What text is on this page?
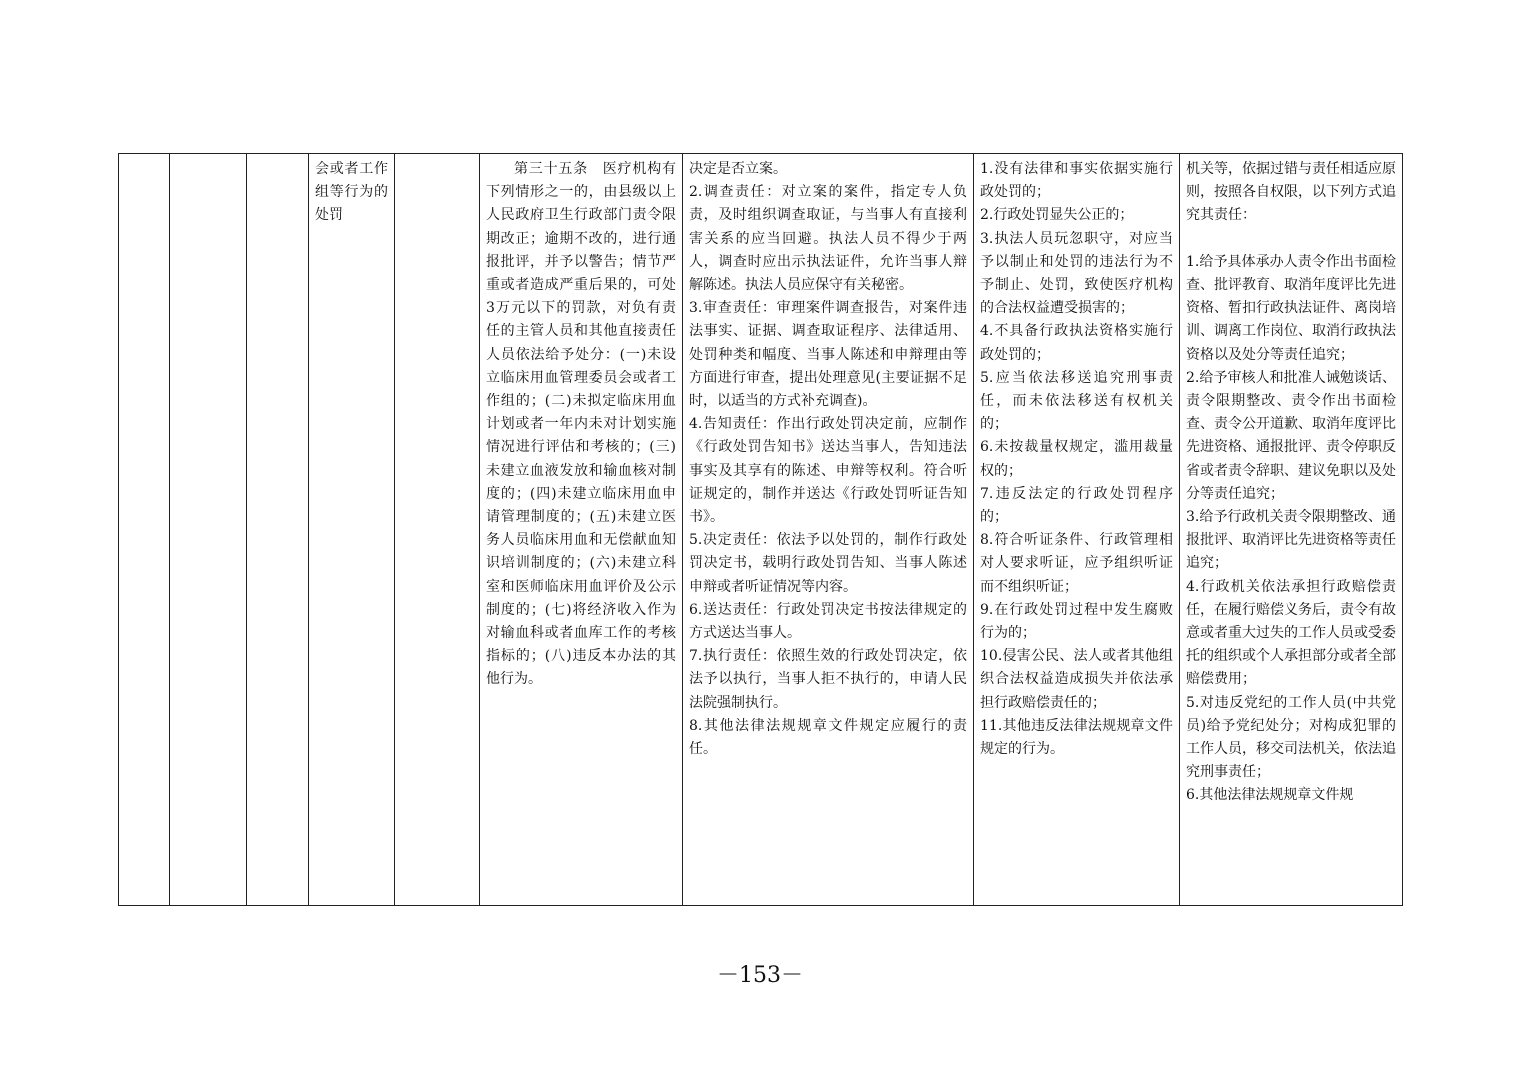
			会或者工作组等行为的处罚		第三十五条　医疗机构有下列情形之一的，由县级以上人民政府卫生行政部门责令限期改正；逾期不改的，进行通报批评，并予以警告；情节严重或者造成严重后果的，可处3万元以下的罚款，对负有责任的主管人员和其他直接责任人员依法给予处分：(一)未设立临床用血管理委员会或者工作组的；(二)未拟定临床用血计划或者一年内未对计划实施情况进行评估和考核的；(三)未建立血液发放和输血核对制度的；(四)未建立临床用血申请管理制度的；(五)未建立医务人员临床用血和无偿献血知识培训制度的；(六)未建立科室和医师临床用血评价及公示制度的；(七)将经济收入作为对输血科或者血库工作的考核指标的；(八)违反本办法的其他行为。	决定是否立案。
2.调查责任：对立案的案件，指定专人负责，及时组织调查取证，与当事人有直接利害关系的应当回避。执法人员不得少于两人，调查时应出示执法证件，允许当事人辩解陈述。执法人员应保守有关秘密。
3.审查责任：审理案件调查报告，对案件违法事实、证据、调查取证程序、法律适用、处罚种类和幅度、当事人陈述和申辩理由等方面进行审查，提出处理意见(主要证据不足时，以适当的方式补充调查)。
4.告知责任：作出行政处罚决定前，应制作《行政处罚告知书》送达当事人，告知违法事实及其享有的陈述、申辩等权利。符合听证规定的，制作并送达《行政处罚听证告知书》。
5.决定责任：依法予以处罚的，制作行政处罚决定书，载明行政处罚告知、当事人陈述申辩或者听证情况等内容。
6.送达责任：行政处罚决定书按法律规定的方式送达当事人。
7.执行责任：依照生效的行政处罚决定，依法予以执行，当事人拒不执行的，申请人民法院强制执行。
8.其他法律法规规章文件规定应履行的责任。	1.没有法律和事实依据实施行政处罚的；
2.行政处罚显失公正的；
3.执法人员玩忽职守，对应当予以制止和处罚的违法行为不予制止、处罚，致使医疗机构的合法权益遭受损害的；
4.不具备行政执法资格实施行政处罚的；
5.应当依法移送追究刑事责任，而未依法移送有权机关的；
6.未按裁量权规定，滥用裁量权的；
7.违反法定的行政处罚程序的；
8.符合听证条件、行政管理相对人要求听证，应予组织听证而不组织听证；
9.在行政处罚过程中发生腐败行为的；
10.侵害公民、法人或者其他组织合法权益造成损失并依法承担行政赔偿责任的；
11.其他违反法律法规规章文件规定的行为。	机关等，依据过错与责任相适应原则，按照各自权限，以下列方式追究其责任：

1.给予具体承办人责令作出书面检查、批评教育、取消年度评比先进资格、暂扣行政执法证件、离岗培训、调离工作岗位、取消行政执法资格以及处分等责任追究；
2.给予审核人和批准人诫勉谈话、责令限期整改、责令作出书面检查、责令公开道歉、取消年度评比先进资格、通报批评、责令停职反省或者责令辞职、建议免职以及处分等责任追究；
3.给予行政机关责令限期整改、通报批评、取消评比先进资格等责任追究；
4.行政机关依法承担行政赔偿责任，在履行赔偿义务后，责令有故意或者重大过失的工作人员或受委托的组织或个人承担部分或者全部赔偿费用；
5.对违反党纪的工作人员(中共党员)给予党纪处分；对构成犯罪的工作人员，移交司法机关，依法追究刑事责任；
6.其他法律法规规章文件规
－153－
